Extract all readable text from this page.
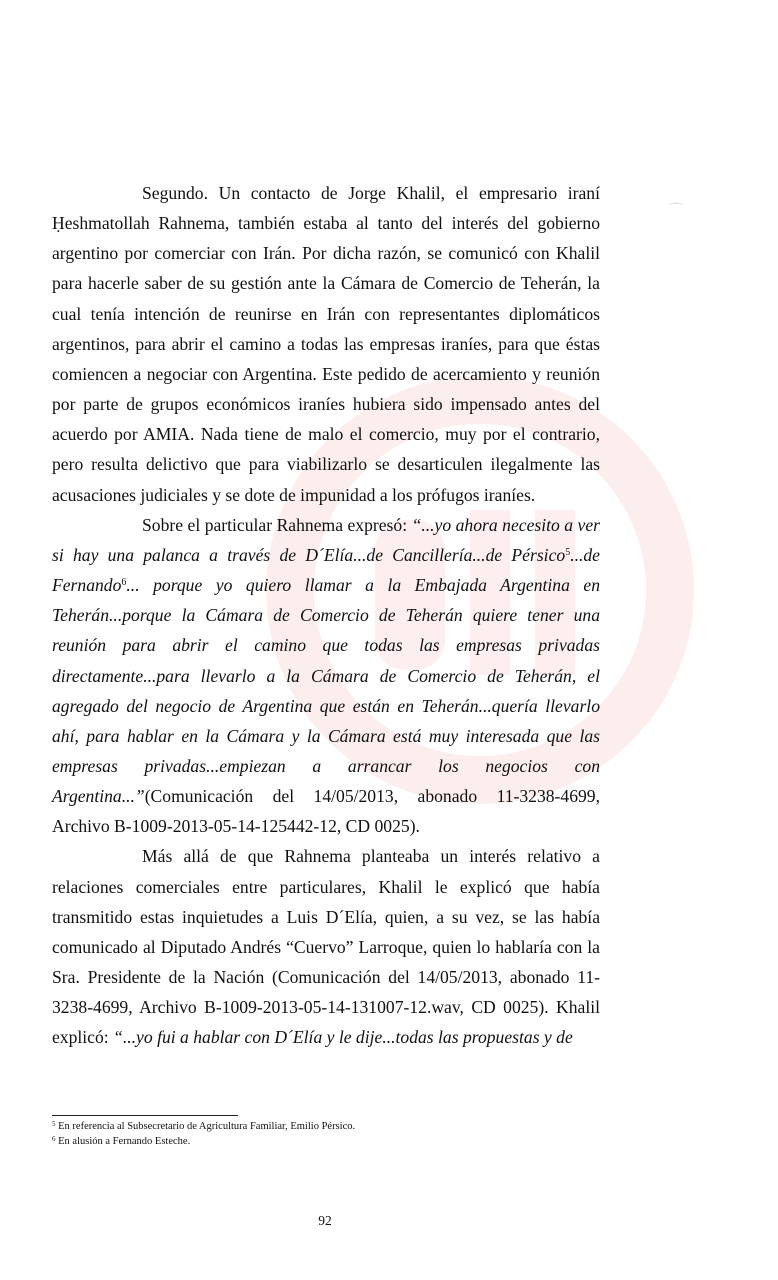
⌒

Segundo. Un contacto de Jorge Khalil, el empresario iraní Ḥeshmatollah Rahnema, también estaba al tanto del interés del gobierno argentino por comerciar con Irán. Por dicha razón, se comunicó con Khalil para hacerle saber de su gestión ante la Cámara de Comercio de Teherán, la cual tenía intención de reunirse en Irán con representantes diplomáticos argentinos, para abrir el camino a todas las empresas iraníes, para que éstas comiencen a negociar con Argentina. Este pedido de acercamiento y reunión por parte de grupos económicos iraníes hubiera sido impensado antes del acuerdo por AMIA. Nada tiene de malo el comercio, muy por el contrario, pero resulta delictivo que para viabilizarlo se desarticulen ilegalmente las acusaciones judiciales y se dote de impunidad a los prófugos iraníes.

Sobre el particular Rahnema expresó: “...yo ahora necesito a ver si hay una palanca a través de D´Elía...de Cancillería...de Pérsico$^5$...de Fernando$^6$... porque yo quiero llamar a la Embajada Argentina en Teherán...porque la Cámara de Comercio de Teherán quiere tener una reunión para abrir el camino que todas las empresas privadas directamente...para llevarlo a la Cámara de Comercio de Teherán, el agregado del negocio de Argentina que están en Teherán...quería llevarlo ahí, para hablar en la Cámara y la Cámara está muy interesada que las empresas privadas...empiezan a arrancar los negocios con Argentina...”(Comunicación del 14/05/2013, abonado 11-3238-4699, Archivo B-1009-2013-05-14-125442-12, CD 0025).

Más allá de que Rahnema planteaba un interés relativo a relaciones comerciales entre particulares, Khalil le explicó que había transmitido estas inquietudes a Luis D´Elía, quien, a su vez, se las había comunicado al Diputado Andrés “Cuervo” Larroque, quien lo hablaría con la Sra. Presidente de la Nación (Comunicación del 14/05/2013, abonado 11-3238-4699, Archivo B-1009-2013-05-14-131007-12.wav, CD 0025). Khalil explicó: “...yo fui a hablar con D´Elía y le dije...todas las propuestas y de

$^5$ En referencia al Subsecretario de Agricultura Familiar, Emilio Pérsico.
$^6$ En alusión a Fernando Esteche.
92
